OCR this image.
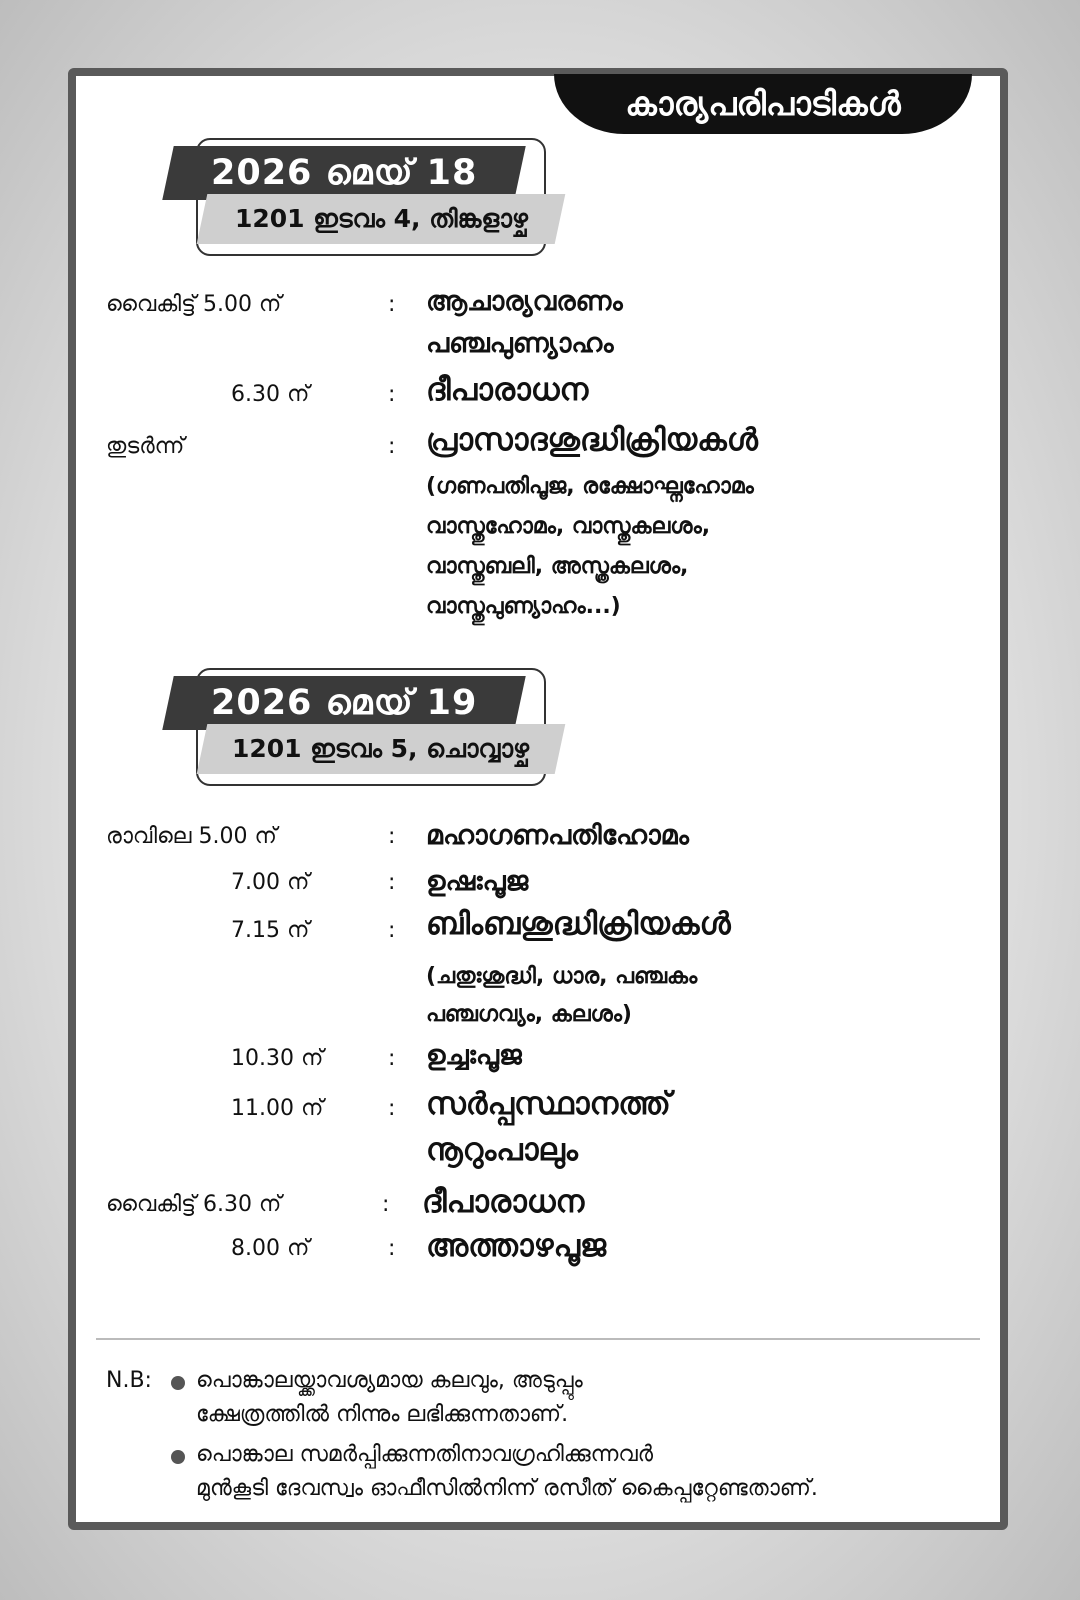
കാര്യപരിപാടികൾ
2026 മെയ് 18
1201 ഇടവം 4, തിങ്കളാഴ്ച
വൈകിട്ട് 5.00 ന്	: ആചാര്യവരണം
പഞ്ചപുണ്യാഹം
6.30 ന്	: ദീപാരാധന
തുടർന്ന്	: പ്രാസാദശുദ്ധിക്രിയകൾ
(ഗണപതിപൂജ, രക്ഷോഘ്നഹോമം
വാസ്തുഹോമം, വാസ്തുകലശം,
വാസ്തുബലി, അസ്ത്രകലശം,
വാസ്തുപുണ്യാഹം...)
2026 മെയ് 19
1201 ഇടവം 5, ചൊവ്വാഴ്ച
രാവിലെ 5.00 ന്	: മഹാഗണപതിഹോമം
7.00 ന്	: ഉഷഃപൂജ
7.15 ന്	: ബിംബശുദ്ധിക്രിയകൾ
(ചതുഃശുദ്ധി, ധാര, പഞ്ചകം
പഞ്ചഗവ്യം, കലശം)
10.30 ന്	: ഉച്ചഃപൂജ
11.00 ന്	: സർപ്പസ്ഥാനത്ത്
നൂറുംപാലും
വൈകിട്ട് 6.30 ന്	: ദീപാരാധന
8.00 ന്	: അത്താഴപൂജ
N.B: പൊങ്കാലയ്ക്കാവശ്യമായ കലവും, അടുപ്പും
ക്ഷേത്രത്തിൽ നിന്നും ലഭിക്കുന്നതാണ്.
പൊങ്കാല സമർപ്പിക്കുന്നതിനാവഗ്രഹിക്കുന്നവർ
മുൻകൂടി ദേവസ്വം ഓഫീസിൽനിന്ന് രസീത് കൈപ്പറ്റേണ്ടതാണ്.
